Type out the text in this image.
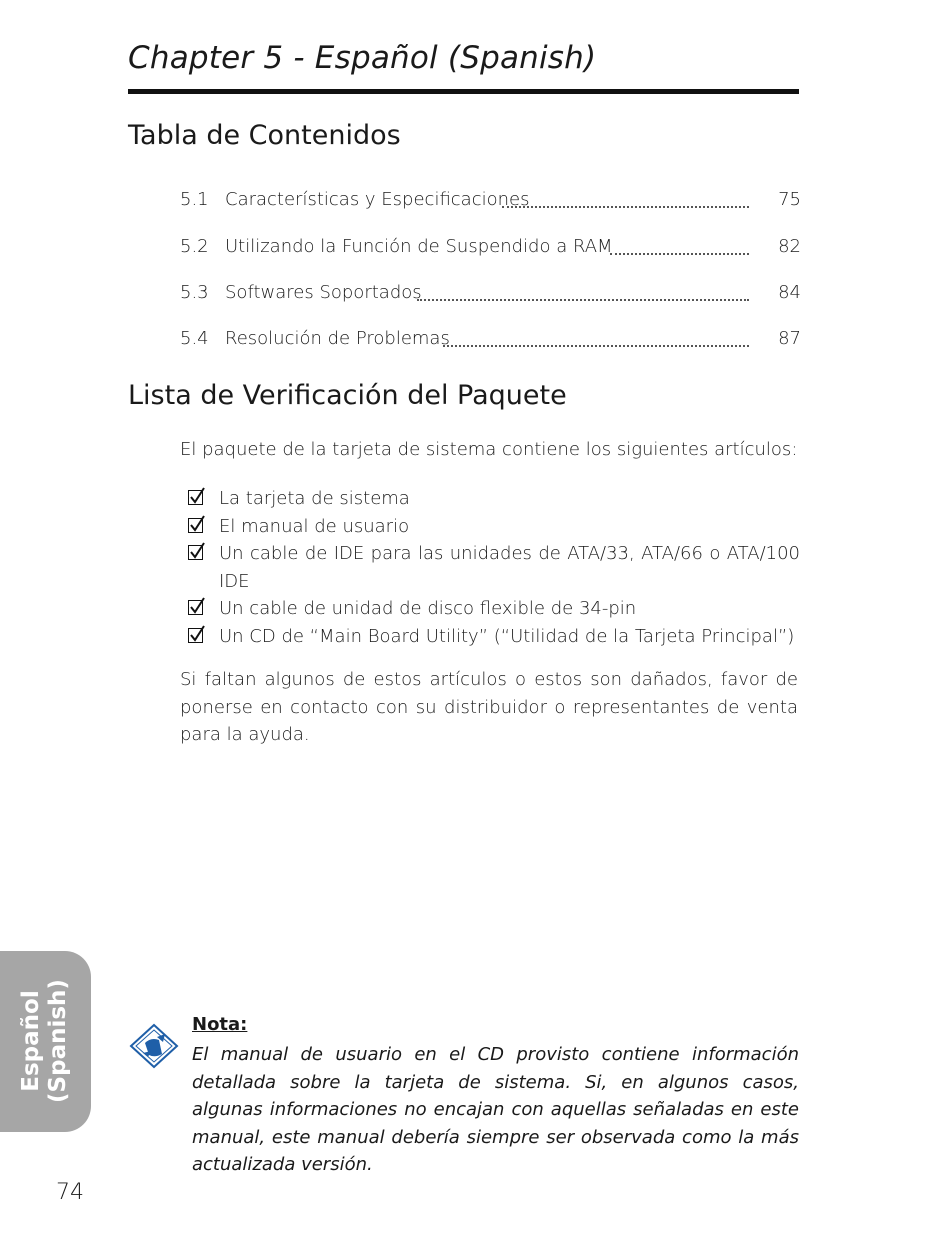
Chapter 5 - Español (Spanish)
Tabla de Contenidos
5.1 Características y Especificaciones	75
5.2 Utilizando la Función de Suspendido a RAM	82
5.3 Softwares Soportados	84
5.4 Resolución de Problemas	87
Lista de Verificación del Paquete
El paquete de la tarjeta de sistema contiene los siguientes artículos:
La tarjeta de sistema
El manual de usuario
Un cable de IDE para las unidades de ATA/33, ATA/66 o ATA/100 IDE
Un cable de unidad de disco flexible de 34-pin
Un CD de “Main Board Utility” (“Utilidad de la Tarjeta Principal”)
Si faltan algunos de estos artículos o estos son dañados, favor de ponerse en contacto con su distribuidor o representantes de venta para la ayuda.
Español (Spanish)
74
Nota:
El manual de usuario en el CD provisto contiene información detallada sobre la tarjeta de sistema. Si, en algunos casos, algunas informaciones no encajan con aquellas señaladas en este manual, este manual debería siempre ser observada como la más actualizada versión.
